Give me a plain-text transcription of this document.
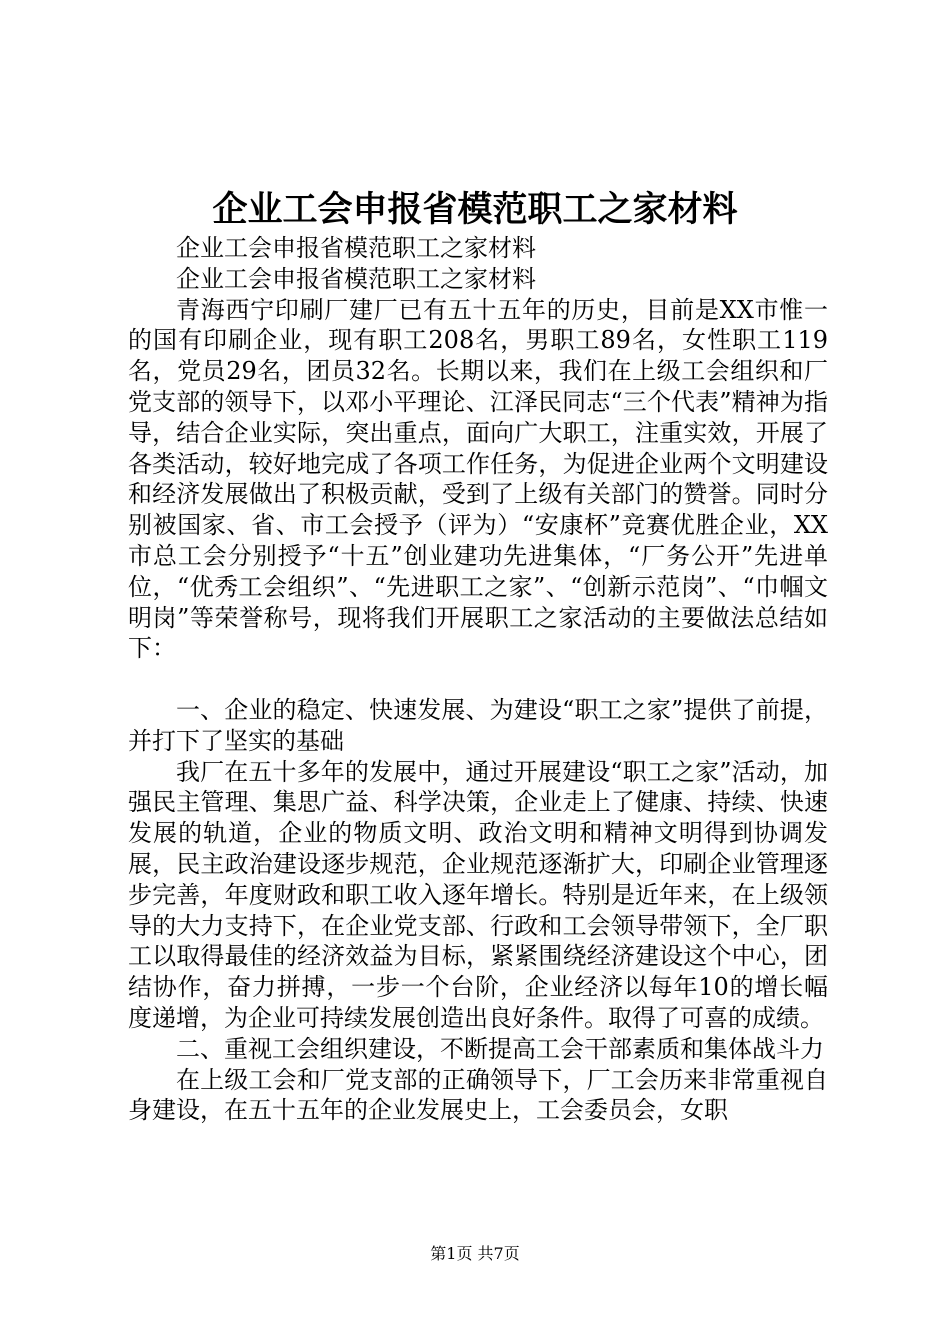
企业工会申报省模范职工之家材料

企业工会申报省模范职工之家材料

企业工会申报省模范职工之家材料

青海西宁印刷厂建厂已有五十五年的历史，目前是XX市惟一的国有印刷企业，现有职工208名，男职工89名，女性职工119名，党员29名，团员32名。长期以来，我们在上级工会组织和厂党支部的领导下，以邓小平理论、江泽民同志“三个代表”精神为指导，结合企业实际，突出重点，面向广大职工，注重实效，开展了各类活动，较好地完成了各项工作任务，为促进企业两个文明建设和经济发展做出了积极贡献，受到了上级有关部门的赞誉。同时分别被国家、省、市工会授予（评为）“安康杯”竞赛优胜企业，XX市总工会分别授予“十五”创业建功先进集体，“厂务公开”先进单位，“优秀工会组织”、“先进职工之家”、“创新示范岗”、“巾帼文明岗”等荣誉称号，现将我们开展职工之家活动的主要做法总结如下：

一、企业的稳定、快速发展、为建设“职工之家”提供了前提，并打下了坚实的基础

我厂在五十多年的发展中，通过开展建设“职工之家”活动，加强民主管理、集思广益、科学决策，企业走上了健康、持续、快速发展的轨道，企业的物质文明、政治文明和精神文明得到协调发展，民主政治建设逐步规范，企业规范逐渐扩大，印刷企业管理逐步完善，年度财政和职工收入逐年增长。特别是近年来，在上级领导的大力支持下，在企业党支部、行政和工会领导带领下，全厂职工以取得最佳的经济效益为目标，紧紧围绕经济建设这个中心，团结协作，奋力拼搏，一步一个台阶，企业经济以每年10的增长幅度递增，为企业可持续发展创造出良好条件。取得了可喜的成绩。

二、重视工会组织建设，不断提高工会干部素质和集体战斗力

在上级工会和厂党支部的正确领导下，厂工会历来非常重视自身建设，在五十五年的企业发展史上，工会委员会，女职

第1页 共7页
